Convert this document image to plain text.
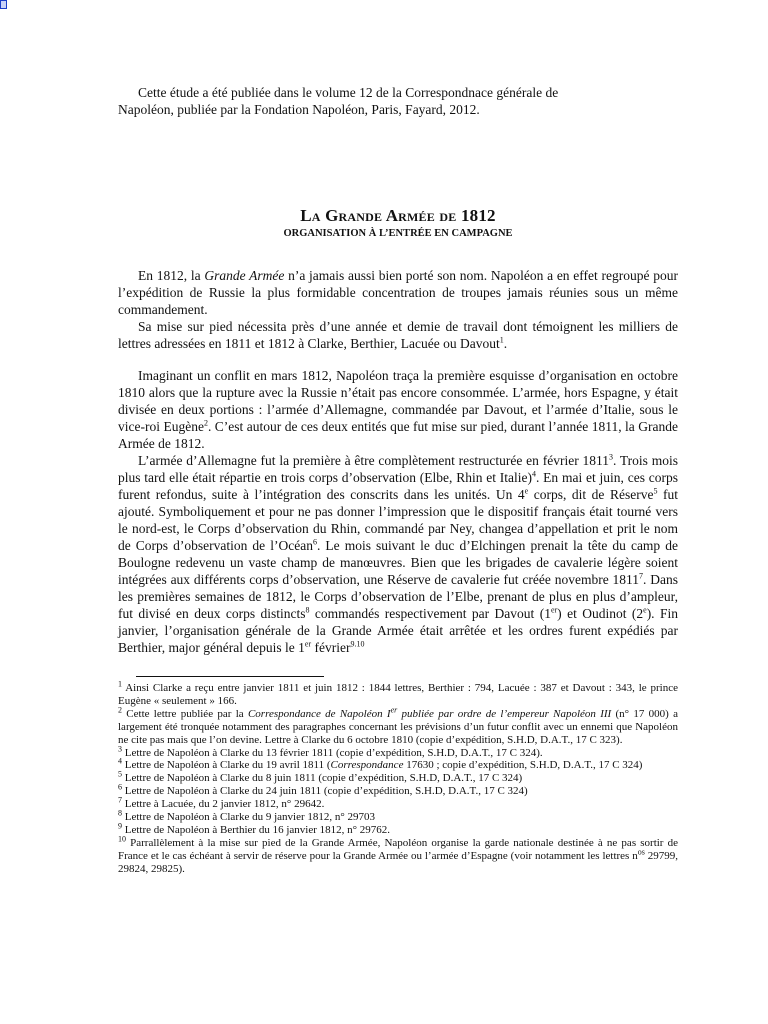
Cette étude a été publiée dans le volume 12 de la Correspondnace générale de
Napoléon, publiée par la Fondation Napoléon, Paris, Fayard, 2012.
La Grande Armée de 1812
ORGANISATION À L’ENTRÉE EN CAMPAGNE

En 1812, la Grande Armée n’a jamais aussi bien porté son nom. Napoléon a en effet regroupé pour l’expédition de Russie la plus formidable concentration de troupes jamais réunies sous un même commandement.

Sa mise sur pied nécessita près d’une année et demie de travail dont témoignent les milliers de lettres adressées en 1811 et 1812 à Clarke, Berthier, Lacuée ou Davout$^1$.

Imaginant un conflit en mars 1812, Napoléon traça la première esquisse d’organisation en octobre 1810 alors que la rupture avec la Russie n’était pas encore consommée. L’armée, hors Espagne, y était divisée en deux portions : l’armée d’Allemagne, commandée par Davout, et l’armée d’Italie, sous le vice-roi Eugène$^2$. C’est autour de ces deux entités que fut mise sur pied, durant l’année 1811, la Grande Armée de 1812.

L’armée d’Allemagne fut la première à être complètement restructurée en février 1811$^3$. Trois mois plus tard elle était répartie en trois corps d’observation (Elbe, Rhin et Italie)$^4$. En mai et juin, ces corps furent refondus, suite à l’intégration des conscrits dans les unités. Un 4e corps, dit de Réserve$^5$ fut ajouté. Symboliquement et pour ne pas donner l’impression que le dispositif français était tourné vers le nord-est, le Corps d’observation du Rhin, commandé par Ney, changea d’appellation et prit le nom de Corps d’observation de l’Océan$^6$. Le mois suivant le duc d’Elchingen prenait la tête du camp de Boulogne redevenu un vaste champ de manœuvres. Bien que les brigades de cavalerie légère soient intégrées aux différents corps d’observation, une Réserve de cavalerie fut créée novembre 1811$^7$. Dans les premières semaines de 1812, le Corps d’observation de l’Elbe, prenant de plus en plus d’ampleur, fut divisé en deux corps distincts$^8$ commandés respectivement par Davout (1er) et Oudinot (2e). Fin janvier, l’organisation générale de la Grande Armée était arrêtée et les ordres furent expédiés par Berthier, major général depuis le 1er février$^{9.10}$

$^1$ Ainsi Clarke a reçu entre janvier 1811 et juin 1812 : 1844 lettres, Berthier : 794, Lacuée : 387 et Davout : 343, le prince Eugène « seulement » 166.

$^2$ Cette lettre publiée par la Correspondance de Napoléon Ier publiée par ordre de l’empereur Napoléon III (n° 17 000) a largement été tronquée notamment des paragraphes concernant les prévisions d’un futur conflit avec un ennemi que Napoléon ne cite pas mais que l’on devine. Lettre à Clarke du 6 octobre 1810 (copie d’expédition, S.H.D, D.A.T., 17 C 323).

$^3$ Lettre de Napoléon à Clarke du 13 février 1811 (copie d’expédition, S.H.D, D.A.T., 17 C 324).

$^4$ Lettre de Napoléon à Clarke du 19 avril 1811 (Correspondance 17630 ; copie d’expédition, S.H.D, D.A.T., 17 C 324)

$^5$ Lettre de Napoléon à Clarke du 8 juin 1811 (copie d’expédition, S.H.D, D.A.T., 17 C 324)

$^6$ Lettre de Napoléon à Clarke du 24 juin 1811 (copie d’expédition, S.H.D, D.A.T., 17 C 324)

$^7$ Lettre à Lacuée, du 2 janvier 1812, n° 29642.

$^8$ Lettre de Napoléon à Clarke du 9 janvier 1812, n° 29703

$^9$ Lettre de Napoléon à Berthier du 16 janvier 1812, n° 29762.

$^{10}$ Parrallèlement à la mise sur pied de la Grande Armée, Napoléon organise la garde nationale destinée à ne pas sortir de France et le cas échéant à servir de réserve pour la Grande Armée ou l’armée d’Espagne (voir notamment les lettres $n^{os}$ 29799, 29824, 29825).
